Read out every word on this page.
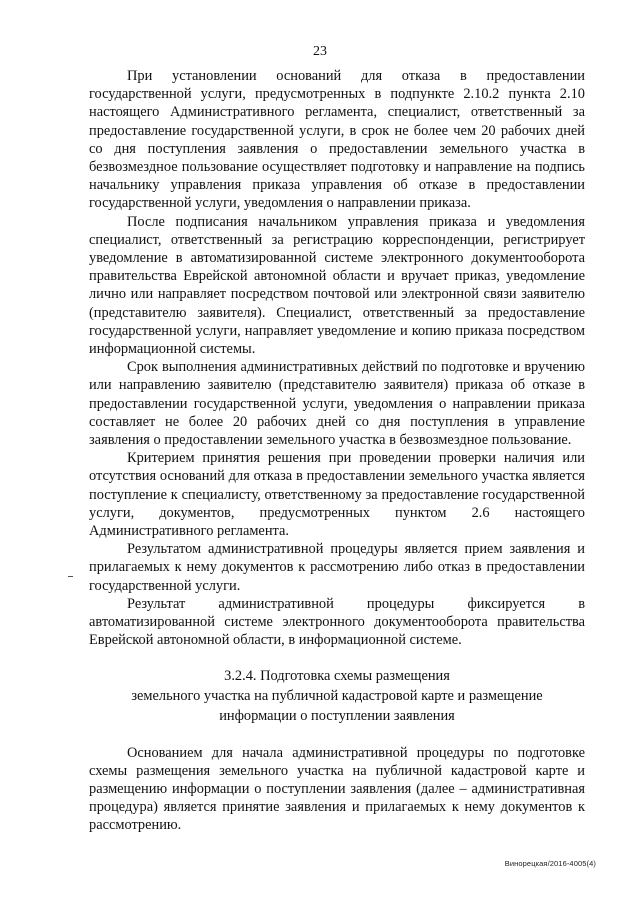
23

При установлении оснований для отказа в предоставлении государственной услуги, предусмотренных в подпункте 2.10.2 пункта 2.10 настоящего Административного регламента, специалист, ответственный за предоставление государственной услуги, в срок не более чем 20 рабочих дней со дня поступления заявления о предоставлении земельного участка в безвозмездное пользование осуществляет подготовку и направление на подпись начальнику управления приказа управления об отказе в предоставлении государственной услуги, уведомления о направлении приказа.

После подписания начальником управления приказа и уведомления специалист, ответственный за регистрацию корреспонденции, регистрирует уведомление в автоматизированной системе электронного документооборота правительства Еврейской автономной области и вручает приказ, уведомление лично или направляет посредством почтовой или электронной связи заявителю (представителю заявителя). Специалист, ответственный за предоставление государственной услуги, направляет уведомление и копию приказа посредством информационной системы.

Срок выполнения административных действий по подготовке и вручению или направлению заявителю (представителю заявителя) приказа об отказе в предоставлении государственной услуги, уведомления о направлении приказа составляет не более 20 рабочих дней со дня поступления в управление заявления о предоставлении земельного участка в безвозмездное пользование.

Критерием принятия решения при проведении проверки наличия или отсутствия оснований для отказа в предоставлении земельного участка является поступление к специалисту, ответственному за предоставление государственной услуги, документов, предусмотренных пунктом 2.6 настоящего Административного регламента.

Результатом административной процедуры является прием заявления и прилагаемых к нему документов к рассмотрению либо отказ в предоставлении государственной услуги.

Результат административной процедуры фиксируется в автоматизированной системе электронного документооборота правительства Еврейской автономной области, в информационной системе.

3.2.4. Подготовка схемы размещения
земельного участка на публичной кадастровой карте и размещение
информации о поступлении заявления

Основанием для начала административной процедуры по подготовке схемы размещения земельного участка на публичной кадастровой карте и размещению информации о поступлении заявления (далее – административная процедура) является принятие заявления и прилагаемых к нему документов к рассмотрению.

Винорецкая/2016-4005(4)
